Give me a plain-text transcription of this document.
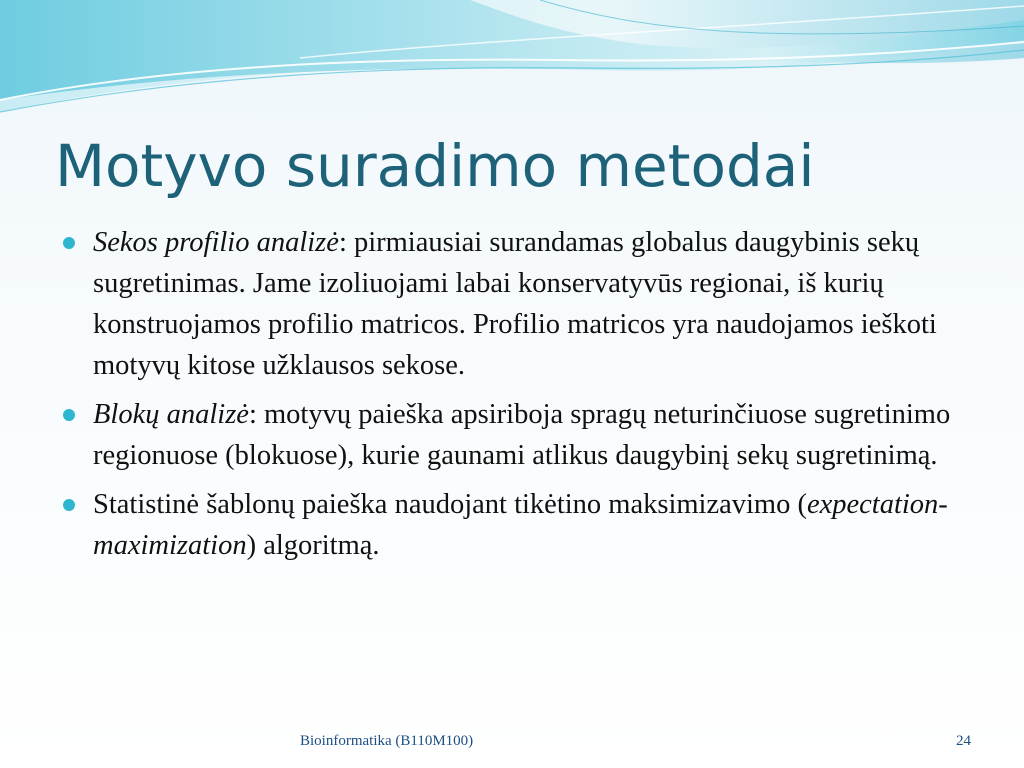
Motyvo suradimo metodai
Sekos profilio analizė: pirmiausiai surandamas globalus daugybinis sekų sugretinimas. Jame izoliuojami labai konservatyvūs regionai, iš kurių konstruojamos profilio matricos. Profilio matricos yra naudojamos ieškoti motyvų kitose užklausos sekose.
Blokų analizė: motyvų paieška apsiriboja spragų neturinčiuose sugretinimo regionuose (blokuose), kurie gaunami atlikus daugybinį sekų sugretinimą.
Statistinė šablonų paieška naudojant tikėtino maksimizavimo (expectation-maximization) algoritmą.
Bioinformatika (B110M100)	24
